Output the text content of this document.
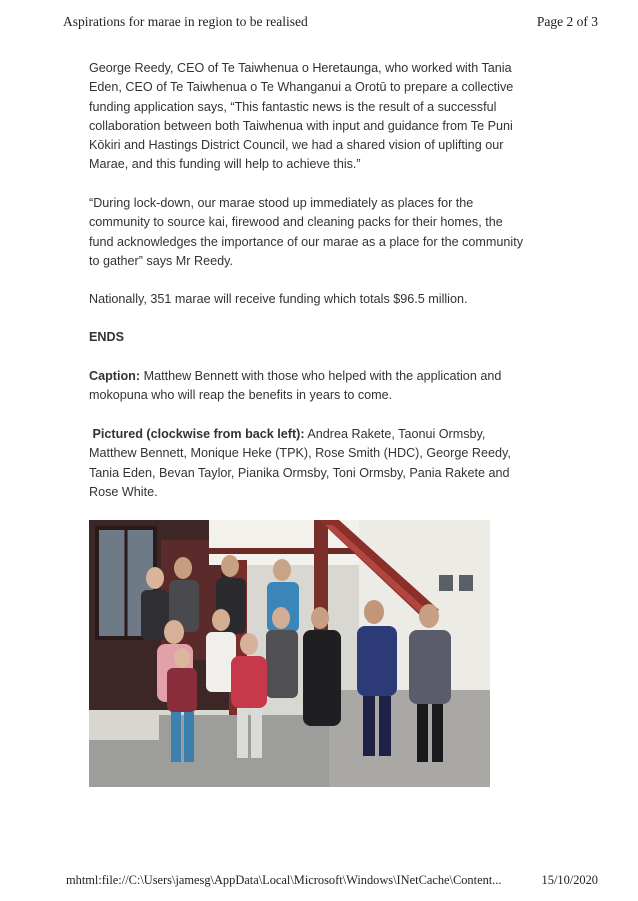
Aspirations for marae in region to be realised	Page 2 of 3

George Reedy, CEO of Te Taiwhenua o Heretaunga, who worked with Tania Eden, CEO of Te Taiwhenua o Te Whanganui a Orotū to prepare a collective funding application says, “This fantastic news is the result of a successful collaboration between both Taiwhenua with input and guidance from Te Puni Kōkiri and Hastings District Council, we had a shared vision of uplifting our Marae, and this funding will help to achieve this.”

“During lock-down, our marae stood up immediately as places for the community to source kai, firewood and cleaning packs for their homes, the fund acknowledges the importance of our marae as a place for the community to gather” says Mr Reedy.

Nationally, 351 marae will receive funding which totals $96.5 million.

ENDS

Caption: Matthew Bennett with those who helped with the application and mokopuna who will reap the benefits in years to come.

Pictured (clockwise from back left): Andrea Rakete, Taonui Ormsby, Matthew Bennett, Monique Heke (TPK), Rose Smith (HDC), George Reedy, Tania Eden, Bevan Taylor, Pianika Ormsby, Toni Ormsby, Pania Rakete and Rose White.

mhtml:file://C:\Users\jamesg\AppData\Local\Microsoft\Windows\INetCache\Content...	15/10/2020
